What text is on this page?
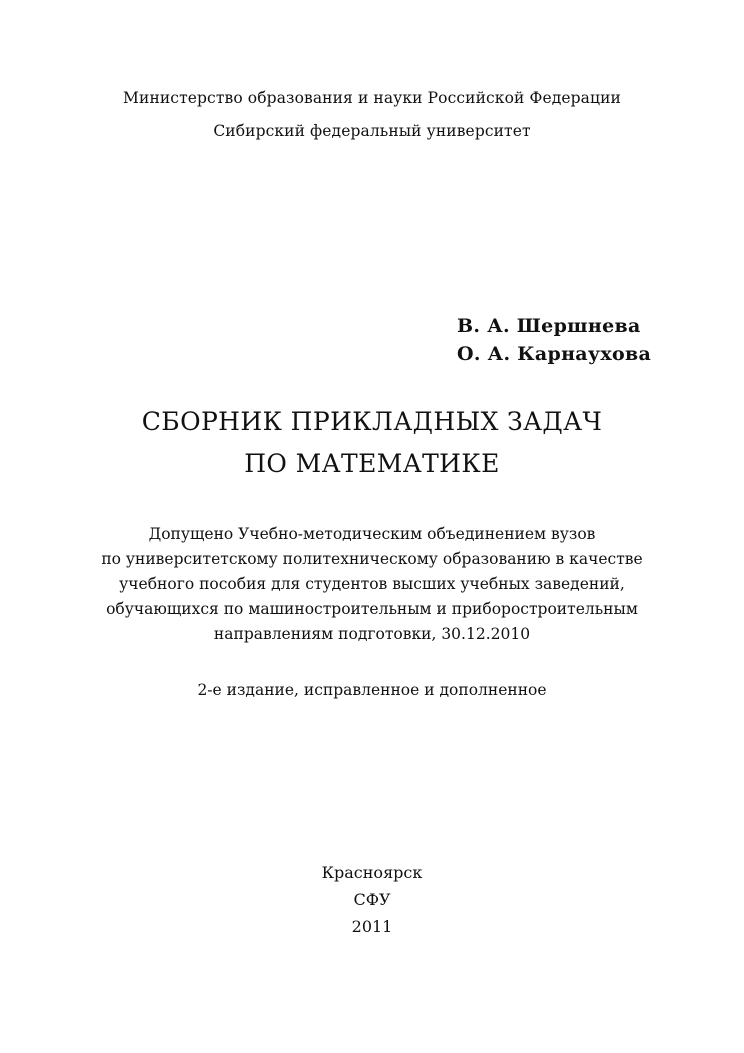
Министерство образования и науки Российской Федерации
Сибирский федеральный университет
В. А. Шершнева
О. А. Карнаухова
СБОРНИК ПРИКЛАДНЫХ ЗАДАЧ
ПО МАТЕМАТИКЕ
Допущено Учебно-методическим объединением вузов
по университетскому политехническому образованию в качестве
учебного пособия для студентов высших учебных заведений,
обучающихся по машиностроительным и приборостроительным
направлениям подготовки, 30.12.2010
2-е издание, исправленное и дополненное
Красноярск
СФУ
2011
